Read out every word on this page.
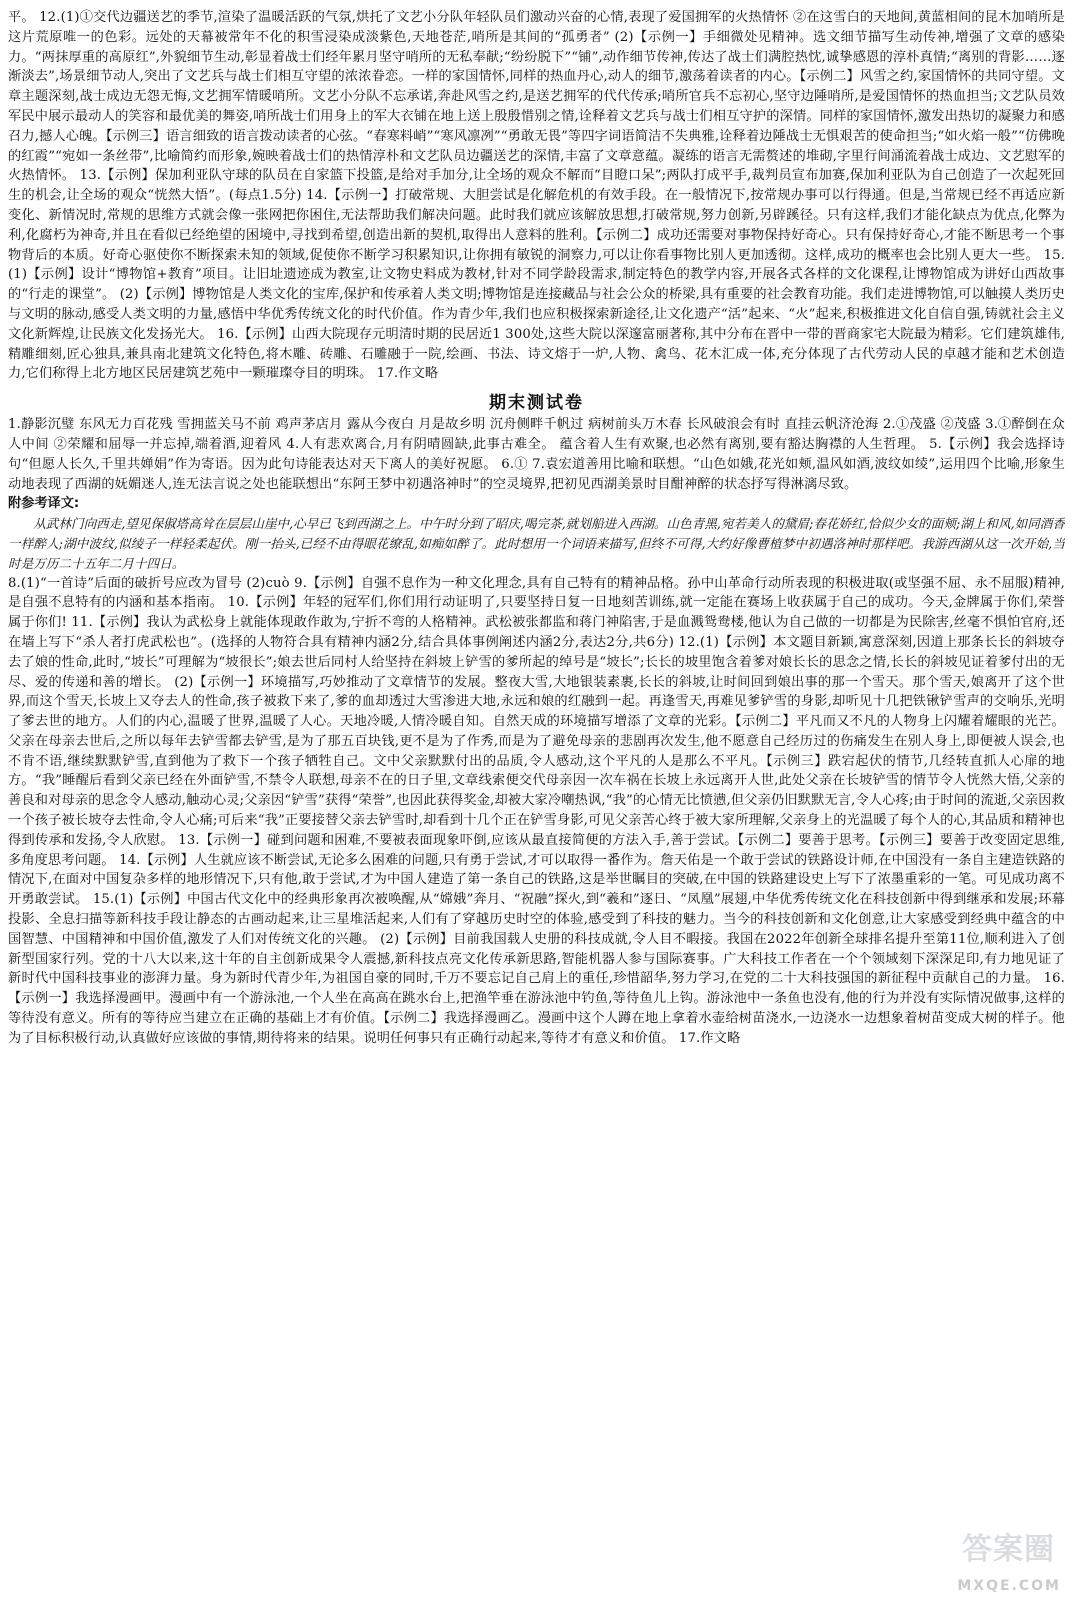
平。 12.(1)①交代边疆送艺的季节,渲染了温暖活跃的气氛,烘托了文艺小分队年轻队员们激动兴奋的心情,表现了爱国拥军的火热情怀 ②在这雪白的天地间,黄蓝相间的昆木加哨所是这片荒原唯一的色彩。远处的天幕被常年不化的积雪浸染成淡紫色,天地苍茫,哨所是其间的“孤勇者” (2)【示例一】手细微处见精神。选文细节描写生动传神,增强了文章的感染力。“两抹厚重的高原红”,外貌细节生动,彰显着战士们经年累月坚守哨所的无私奉献;“纷纷脱下”“铺”,动作细节传神,传达了战士们满腔热忱,诚挚感恩的淳朴真情;“离别的背影……逐渐淡去”,场景细节动人,突出了文艺兵与战士们相互守望的浓浓眷恋。一样的家国情怀,同样的热血丹心,动人的细节,激荡着读者的内心。【示例二】风雪之约,家国情怀的共同守望。文章主题深刻,战士成边无怨无悔,文艺拥军情暖哨所。文艺小分队不忘承诺,奔赴风雪之约,是送艺拥军的代代传承;哨所官兵不忘初心,坚守边陲哨所,是爱国情怀的热血担当;文艺队员效军民中展示最动人的笑容和最优美的舞姿,哨所战士们用身上的军大衣铺在地上送上殷殷惜别之情,诠释着文艺兵与战士们相互守护的深情。同样的家国情怀,激发出热切的凝聚力和感召力,撼人心魄。【示例三】语言细致的语言拨动读者的心弦。“春寒料峭”“寒风凛冽”“勇敢无畏”等四字词语简洁不失典雅,诠释着边陲战士无惧艰苦的使命担当;“如火焰一般”“仿佛晚的红霞”“宛如一条丝带”,比喻简约而形象,婉映着战士们的热情淳朴和文艺队员边疆送艺的深情,丰富了文章意蕴。凝练的语言无需赘述的堆砌,字里行间涌流着战士成边、文艺慰军的火热情怀。 13.【示例】保加利亚队守球的队员在自家篮下投篮,是给对手加分,让全场的观众不解而“目瞪口呆”;两队打成平手,裁判员宣布加赛,保加利亚队为自己创造了一次起死回生的机会,让全场的观众“恍然大悟”。(每点1.5分) 14.【示例一】打破常规、大胆尝试是化解危机的有效手段。在一般情况下,按常规办事可以行得通。但是,当常规已经不再适应新变化、新情况时,常规的思维方式就会像一张网把你困住,无法帮助我们解决问题。此时我们就应该解放思想,打破常规,努力创新,另辟蹊径。只有这样,我们才能化缺点为优点,化弊为利,化腐朽为神奇,并且在看似已经绝望的困境中,寻找到希望,创造出新的契机,取得出人意料的胜利。【示例二】成功还需要对事物保持好奇心。只有保持好奇心,才能不断思考一个事物背后的本质。好奇心驱使你不断探索未知的领域,促使你不断学习积累知识,让你拥有敏锐的洞察力,可以让你看事物比别人更加透彻。这样,成功的概率也会比别人更大一些。 15.(1)【示例】设计“博物馆+教育”项目。让旧址遗迹成为教室,让文物史料成为教材,针对不同学龄段需求,制定特色的教学内容,开展各式各样的文化课程,让博物馆成为讲好山西故事的“行走的课堂”。 (2)【示例】博物馆是人类文化的宝库,保护和传承着人类文明;博物馆是连接藏品与社会公众的桥梁,具有重要的社会教育功能。我们走进博物馆,可以触摸人类历史与文明的脉动,感受人类文明的力量,感悟中华优秀传统文化的时代价值。作为青少年,我们也应积极探索新途径,让文化遗产“活”起来、“火”起来,积极推进文化自信自强,铸就社会主义文化新辉煌,让民族文化发扬光大。 16.【示例】山西大院现存元明清时期的民居近1 300处,这些大院以深邃富丽著称,其中分布在晋中一带的晋商家宅大院最为精彩。它们建筑雄伟,精雕细刻,匠心独具,兼具南北建筑文化特色,将木雕、砖雕、石雕融于一院,绘画、书法、诗文熔于一炉,人物、禽鸟、花木汇成一体,充分体现了古代劳动人民的卓越才能和艺术创造力,它们称得上北方地区民居建筑艺苑中一颗璀璨夺目的明珠。 17.作文略

期末测试卷

1.静影沉璧 东风无力百花残 雪拥蓝关马不前 鸡声茅店月 露从今夜白 月是故乡明 沉舟侧畔千帆过 病树前头万木春 长风破浪会有时 直挂云帆济沧海 2.①茂盛 ②茂盛 3.①醉倒在众人中间 ②荣耀和屈辱一并忘掉,端着酒,迎着风 4.人有悲欢离合,月有阴晴圆缺,此事古难全。 蕴含着人生有欢聚,也必然有离别,要有豁达胸襟的人生哲理。 5.【示例】我会选择诗句“但愿人长久,千里共婵娟”作为寄语。因为此句诗能表达对天下离人的美好祝愿。 6.① 7.袁宏道善用比喻和联想。“山色如娥,花光如颊,温风如酒,波纹如绫”,运用四个比喻,形象生动地表现了西湖的妩媚迷人,连无法言说之处也能联想出“东阿王梦中初遇洛神时”的空灵境界,把初见西湖美景时目酣神醉的状态抒写得淋漓尽致。

附参考译文:

从武林门向西走,望见保俶塔高耸在层层山崖中,心早已飞到西湖之上。中午时分到了昭庆,喝完茶,就划船进入西湖。山色青黑,宛若美人的黛眉;春花娇红,恰似少女的面颊;湖上和风,如同酒香一样醉人;湖中波纹,似绫子一样轻柔起伏。刚一抬头,已经不由得眼花缭乱,如痴如醉了。此时想用一个词语来描写,但终不可得,大约好像曹植梦中初遇洛神时那样吧。我游西湖从这一次开始,当时是万历二十五年二月十四日。

8.(1)“一首诗”后面的破折号应改为冒号 (2)cuò 9.【示例】自强不息作为一种文化理念,具有自己特有的精神品格。孙中山革命行动所表现的积极进取(或坚强不屈、永不屈服)精神,是自强不息特有的内涵和基本指南。 10.【示例】年轻的冠军们,你们用行动证明了,只要坚持日复一日地刻苦训练,就一定能在赛场上收获属于自己的成功。今天,金牌属于你们,荣誉属于你们! 11.【示例】我认为武松身上就能体现敢作敢为,宁折不弯的人格精神。武松被张都监和蒋门神陷害,于是血溅鸳鸯楼,他认为自己做的一切都是为民除害,丝毫不惧怕官府,还在墙上写下“杀人者打虎武松也”。(选择的人物符合具有精神内涵2分,结合具体事例阐述内涵2分,表达2分,共6分) 12.(1)【示例】本文题目新颖,寓意深刻,因道上那条长长的斜坡夺去了娘的性命,此时,“坡长”可理解为“坡很长”;娘去世后同村人给坚持在斜坡上铲雪的爹所起的绰号是“坡长”;长长的坡里饱含着爹对娘长长的思念之情,长长的斜坡见证着爹付出的无尽、爱的传递和善的增长。 (2)【示例一】环境描写,巧妙推动了文章情节的发展。整夜大雪,大地银装素裹,长长的斜坡,让时间回到娘出事的那一个雪天。那个雪天,娘离开了这个世界,而这个雪天,长坡上又夺去人的性命,孩子被救下来了,爹的血却透过大雪渗进大地,永远和娘的红融到一起。再逢雪天,再难见爹铲雪的身影,却听见十几把铁锹铲雪声的交响乐,光明了爹去世的地方。人们的内心,温暖了世界,温暖了人心。天地冷暖,人情冷暖自知。自然天成的环境描写增添了文章的光彩。【示例二】平凡而又不凡的人物身上闪耀着耀眼的光芒。父亲在母亲去世后,之所以每年去铲雪都去铲雪,是为了那五百块钱,更不是为了作秀,而是为了避免母亲的悲剧再次发生,他不愿意自己经历过的伤痛发生在别人身上,即便被人误会,也不肯不语,继续默默铲雪,直到他为了救下一个孩子牺牲自己。文中父亲默默付出的品质,令人感动,这个平凡的人是那么不平凡。【示例三】跌宕起伏的情节,几经转直抓人心扉的地方。“我”睡醒后看到父亲已经在外面铲雪,不禁令人联想,母亲不在的日子里,文章线索便交代母亲因一次车祸在长坡上永远离开人世,此处父亲在长坡铲雪的情节令人恍然大悟,父亲的善良和对母亲的思念令人感动,触动心灵;父亲因“铲雪”获得“荣誉”,也因此获得奖金,却被大家冷嘲热讽,“我”的心情无比愤懑,但父亲仍旧默默无言,令人心疼;由于时间的流逝,父亲因救一个孩子被长坡夺去性命,令人心痛;可后来“我”正要接替父亲去铲雪时,却看到十几个正在铲雪身影,可见父亲苦心终于被大家所理解,父亲身上的光温暖了每个人的心,其品质和精神也得到传承和发扬,令人欣慰。 13.【示例一】碰到问题和困难,不要被表面现象吓倒,应该从最直接简便的方法入手,善于尝试。【示例二】要善于思考。【示例三】要善于改变固定思维,多角度思考问题。 14.【示例】人生就应该不断尝试,无论多么困难的问题,只有勇于尝试,才可以取得一番作为。詹天佑是一个敢于尝试的铁路设计师,在中国没有一条自主建造铁路的情况下,在面对中国复杂多样的地形情况下,只有他,敢于尝试,才为中国人建造了第一条自己的铁路,这是举世瞩目的突破,在中国的铁路建设史上写下了浓墨重彩的一笔。可见成功离不开勇敢尝试。 15.(1)【示例】中国古代文化中的经典形象再次被唤醒,从“嫦娥”奔月、“祝融”探火,到“羲和”逐日、“凤凰”展翅,中华优秀传统文化在科技创新中得到继承和发展;环幕投影、全息扫描等新科技手段让静态的古画动起来,让三星堆活起来,人们有了穿越历史时空的体验,感受到了科技的魅力。当今的科技创新和文化创意,让大家感受到经典中蕴含的中国智慧、中国精神和中国价值,激发了人们对传统文化的兴趣。 (2)【示例】目前我国载人史册的科技成就,令人目不暇接。我国在2022年创新全球排名提升至第11位,顺利进入了创新型国家行列。党的十八大以来,这十年的自主创新成果令人震撼,新科技点亮文化传承新思路,智能机器人参与国际赛事。广大科技工作者在一个个领域刻下深深足印,有力地见证了新时代中国科技事业的澎湃力量。身为新时代青少年,为祖国自豪的同时,千万不要忘记自己肩上的重任,珍惜韶华,努力学习,在党的二十大科技强国的新征程中贡献自己的力量。 16.【示例一】我选择漫画甲。漫画中有一个游泳池,一个人坐在高高在跳水台上,把渔竿垂在游泳池中钓鱼,等待鱼儿上钩。游泳池中一条鱼也没有,他的行为并没有实际情况做事,这样的等待没有意义。所有的等待应当建立在正确的基础上才有价值。【示例二】我选择漫画乙。漫画中这个人蹲在地上拿着水壶给树苗浇水,一边浇水一边想象着树苗变成大树的样子。他为了目标积极行动,认真做好应该做的事情,期待将来的结果。说明任何事只有正确行动起来,等待才有意义和价值。 17.作文略

答案圈
MXQE.COM
